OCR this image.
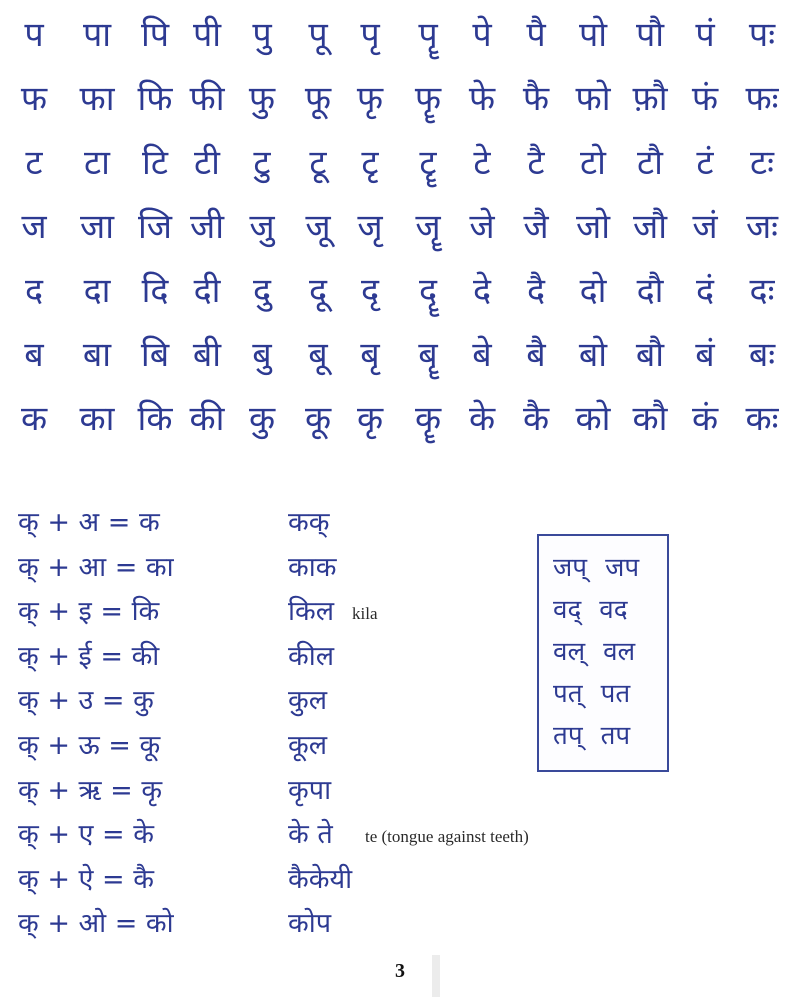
प पा पि पी पु पू पृ पॄ पे पै पो पौ पं पः
फ फा फि फी फु फू फृ फॄ फे फै फो फ़ौ फं फः
ट टा टि टी टु टू टृ टॄ टे टै टो टौ टं टः
ज जा जि जी जु जू जृ जॄ जे जै जो जौ जं जः
द दा दि दी दु दू दृ दॄ दे दै दो दौ दं दः
ब बा बि बी बु बू बृ बॄ बे बै बो बौ बं बः
क का कि की कु कू कृ कॄ के कै को कौ कं कः
क् + अ = क
क् + आ = का
क् + इ = कि
क् + ई = की
क् + उ = कु
क् + ऊ = कू
क् + ऋ = कृ
क् + ए = के
क् + ऐ = कै
क् + ओ = को
कक्
काक
किल kila
कील
कुल
कूल
कृपा
के ते te (tongue against teeth)
कैकेयी
कोप
जप् जप
वद् वद
वल् वल
पत् पत
तप् तप
3
